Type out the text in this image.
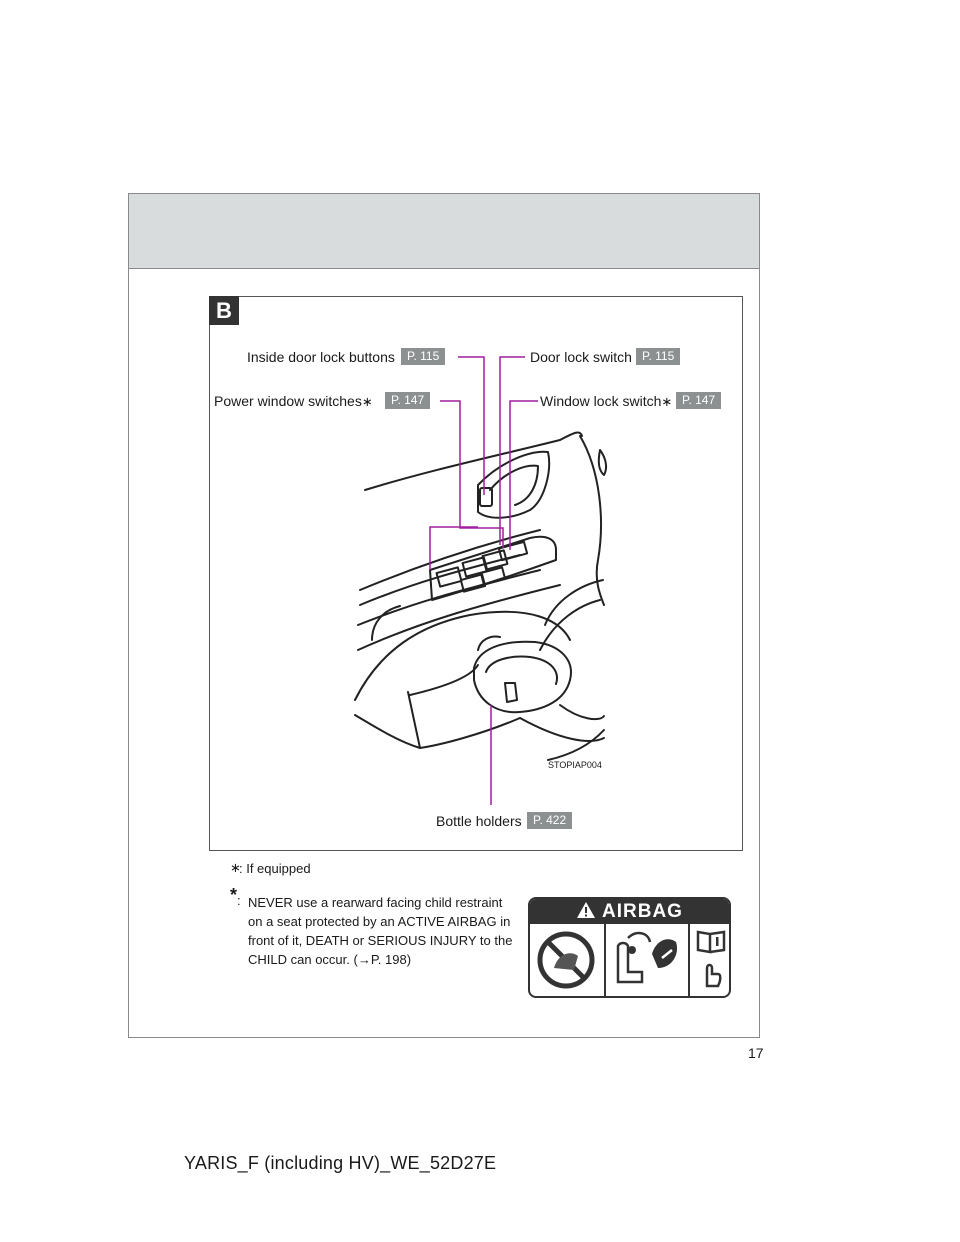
B
Inside door lock buttons	P. 115	Door lock switch P. 115
Power window switches∗	P. 147	Window lock switch∗ P. 147
Bottle holders P. 422
STOPIAP004
∗
: If equipped
* : NEVER use a rearward facing child restraint on a seat protected by an ACTIVE AIRBAG in front of it, DEATH or SERIOUS INJURY to the CHILD can occur. (→P. 198)
AIRBAG
17
YARIS_F (including HV)_WE_52D27E
